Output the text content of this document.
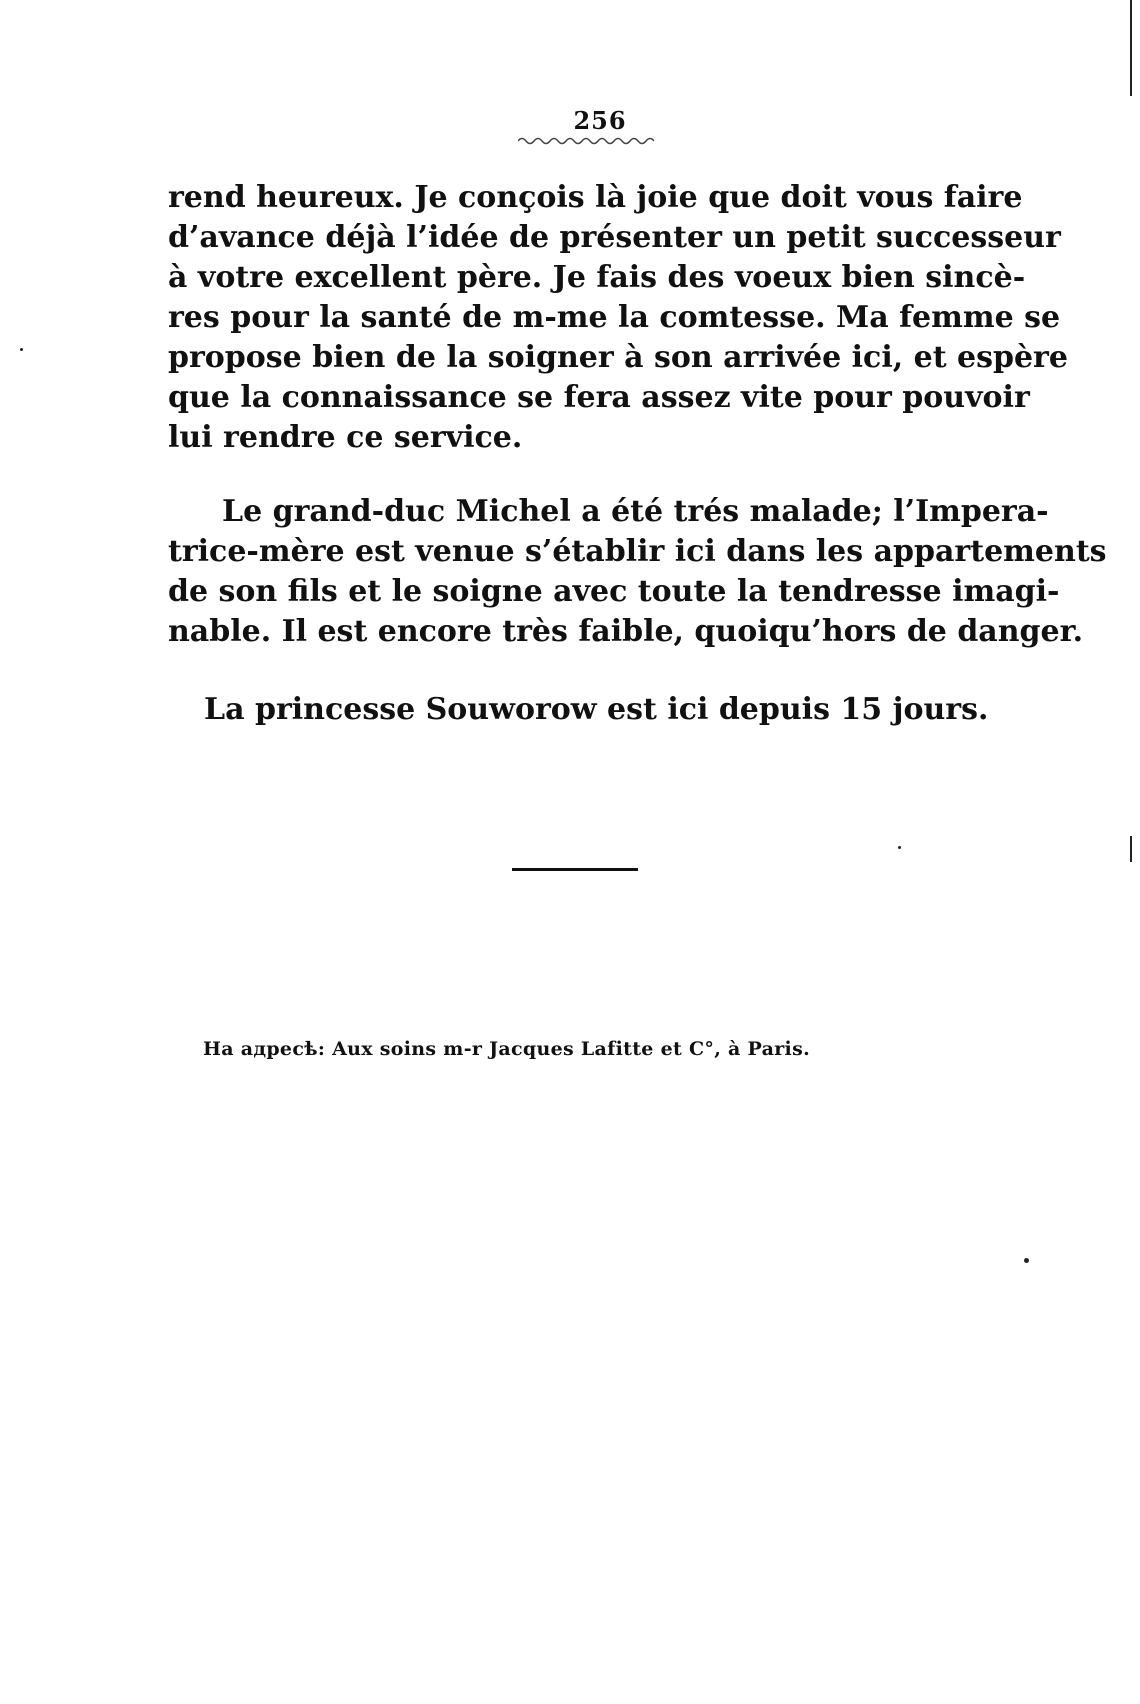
256
rend heureux. Je conçois là joie que doit vous faire
d’avance déjà l’idée de présenter un petit successeur
à votre excellent père. Je fais des voeux bien sincè-
res pour la santé de m-me la comtesse. Ma femme se
propose bien de la soigner à son arrivée ici, et espère
que la connaissance se fera assez vite pour pouvoir
lui rendre ce service.
Le grand-duc Michel a été trés malade; l’Impera-
trice-mère est venue s’établir ici dans les appartements
de son fils et le soigne avec toute la tendresse imagi-
nable. Il est encore très faible, quoiqu’hors de danger.
La princesse Souworow est ici depuis 15 jours.
На адресѣ: Aux soins m-r Jacques Lafitte et C°, à Paris.
